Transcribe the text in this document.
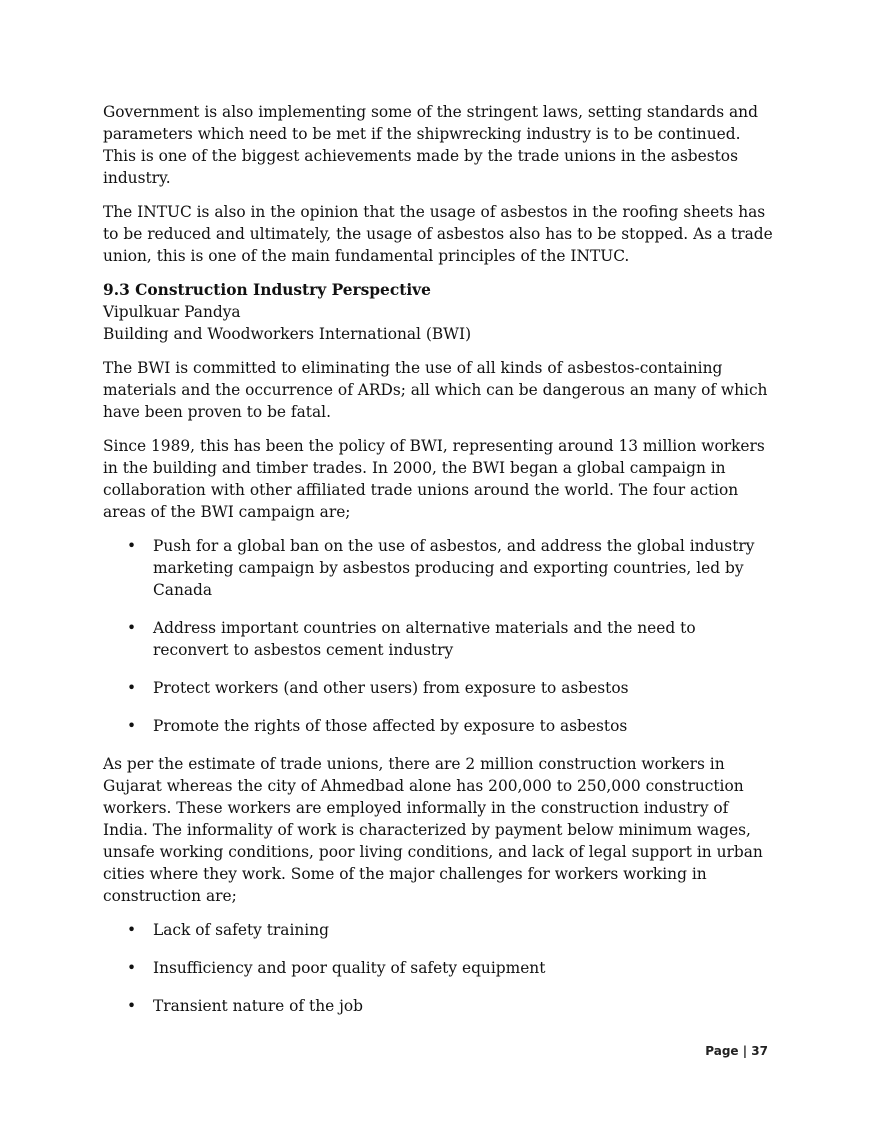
Government is also implementing some of the stringent laws, setting standards and parameters which need to be met if the shipwrecking industry is to be continued. This is one of the biggest achievements made by the trade unions in the asbestos industry.

The INTUC is also in the opinion that the usage of asbestos in the roofing sheets has to be reduced and ultimately, the usage of asbestos also has to be stopped. As a trade union, this is one of the main fundamental principles of the INTUC.

9.3 Construction Industry Perspective
Vipulkuar Pandya
Building and Woodworkers International (BWI)

The BWI is committed to eliminating the use of all kinds of asbestos-containing materials and the occurrence of ARDs; all which can be dangerous an many of which have been proven to be fatal.

Since 1989, this has been the policy of BWI, representing around 13 million workers in the building and timber trades. In 2000, the BWI began a global campaign in collaboration with other affiliated trade unions around the world. The four action areas of the BWI campaign are;

• Push for a global ban on the use of asbestos, and address the global industry marketing campaign by asbestos producing and exporting countries, led by Canada
• Address important countries on alternative materials and the need to reconvert to asbestos cement industry
• Protect workers (and other users) from exposure to asbestos
• Promote the rights of those affected by exposure to asbestos

As per the estimate of trade unions, there are 2 million construction workers in Gujarat whereas the city of Ahmedbad alone has 200,000 to 250,000 construction workers. These workers are employed informally in the construction industry of India. The informality of work is characterized by payment below minimum wages, unsafe working conditions, poor living conditions, and lack of legal support in urban cities where they work. Some of the major challenges for workers working in construction are;

• Lack of safety training
• Insufficiency and poor quality of safety equipment
• Transient nature of the job
Page | 37
